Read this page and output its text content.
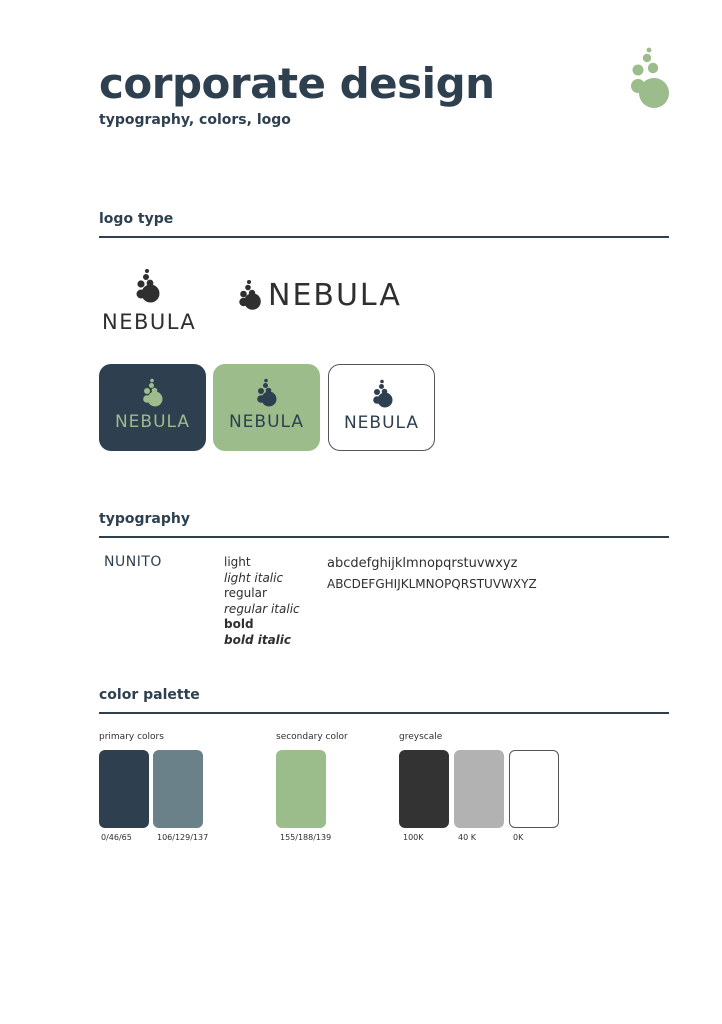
corporate design
typography, colors, logo
logo type
NEBULA
NEBULA
NEBULA	NEBULA	NEBULA
typography
NUNITO	light
light italic
regular
regular italic
bold
bold italic
abcdefghijklmnopqrstuvwxyz
ABCDEFGHIJKLMNOPQRSTUVWXYZ
color palette
primary colors
0/46/65	106/129/137
secondary color
155/188/139
greyscale
100K	40 K	0K
